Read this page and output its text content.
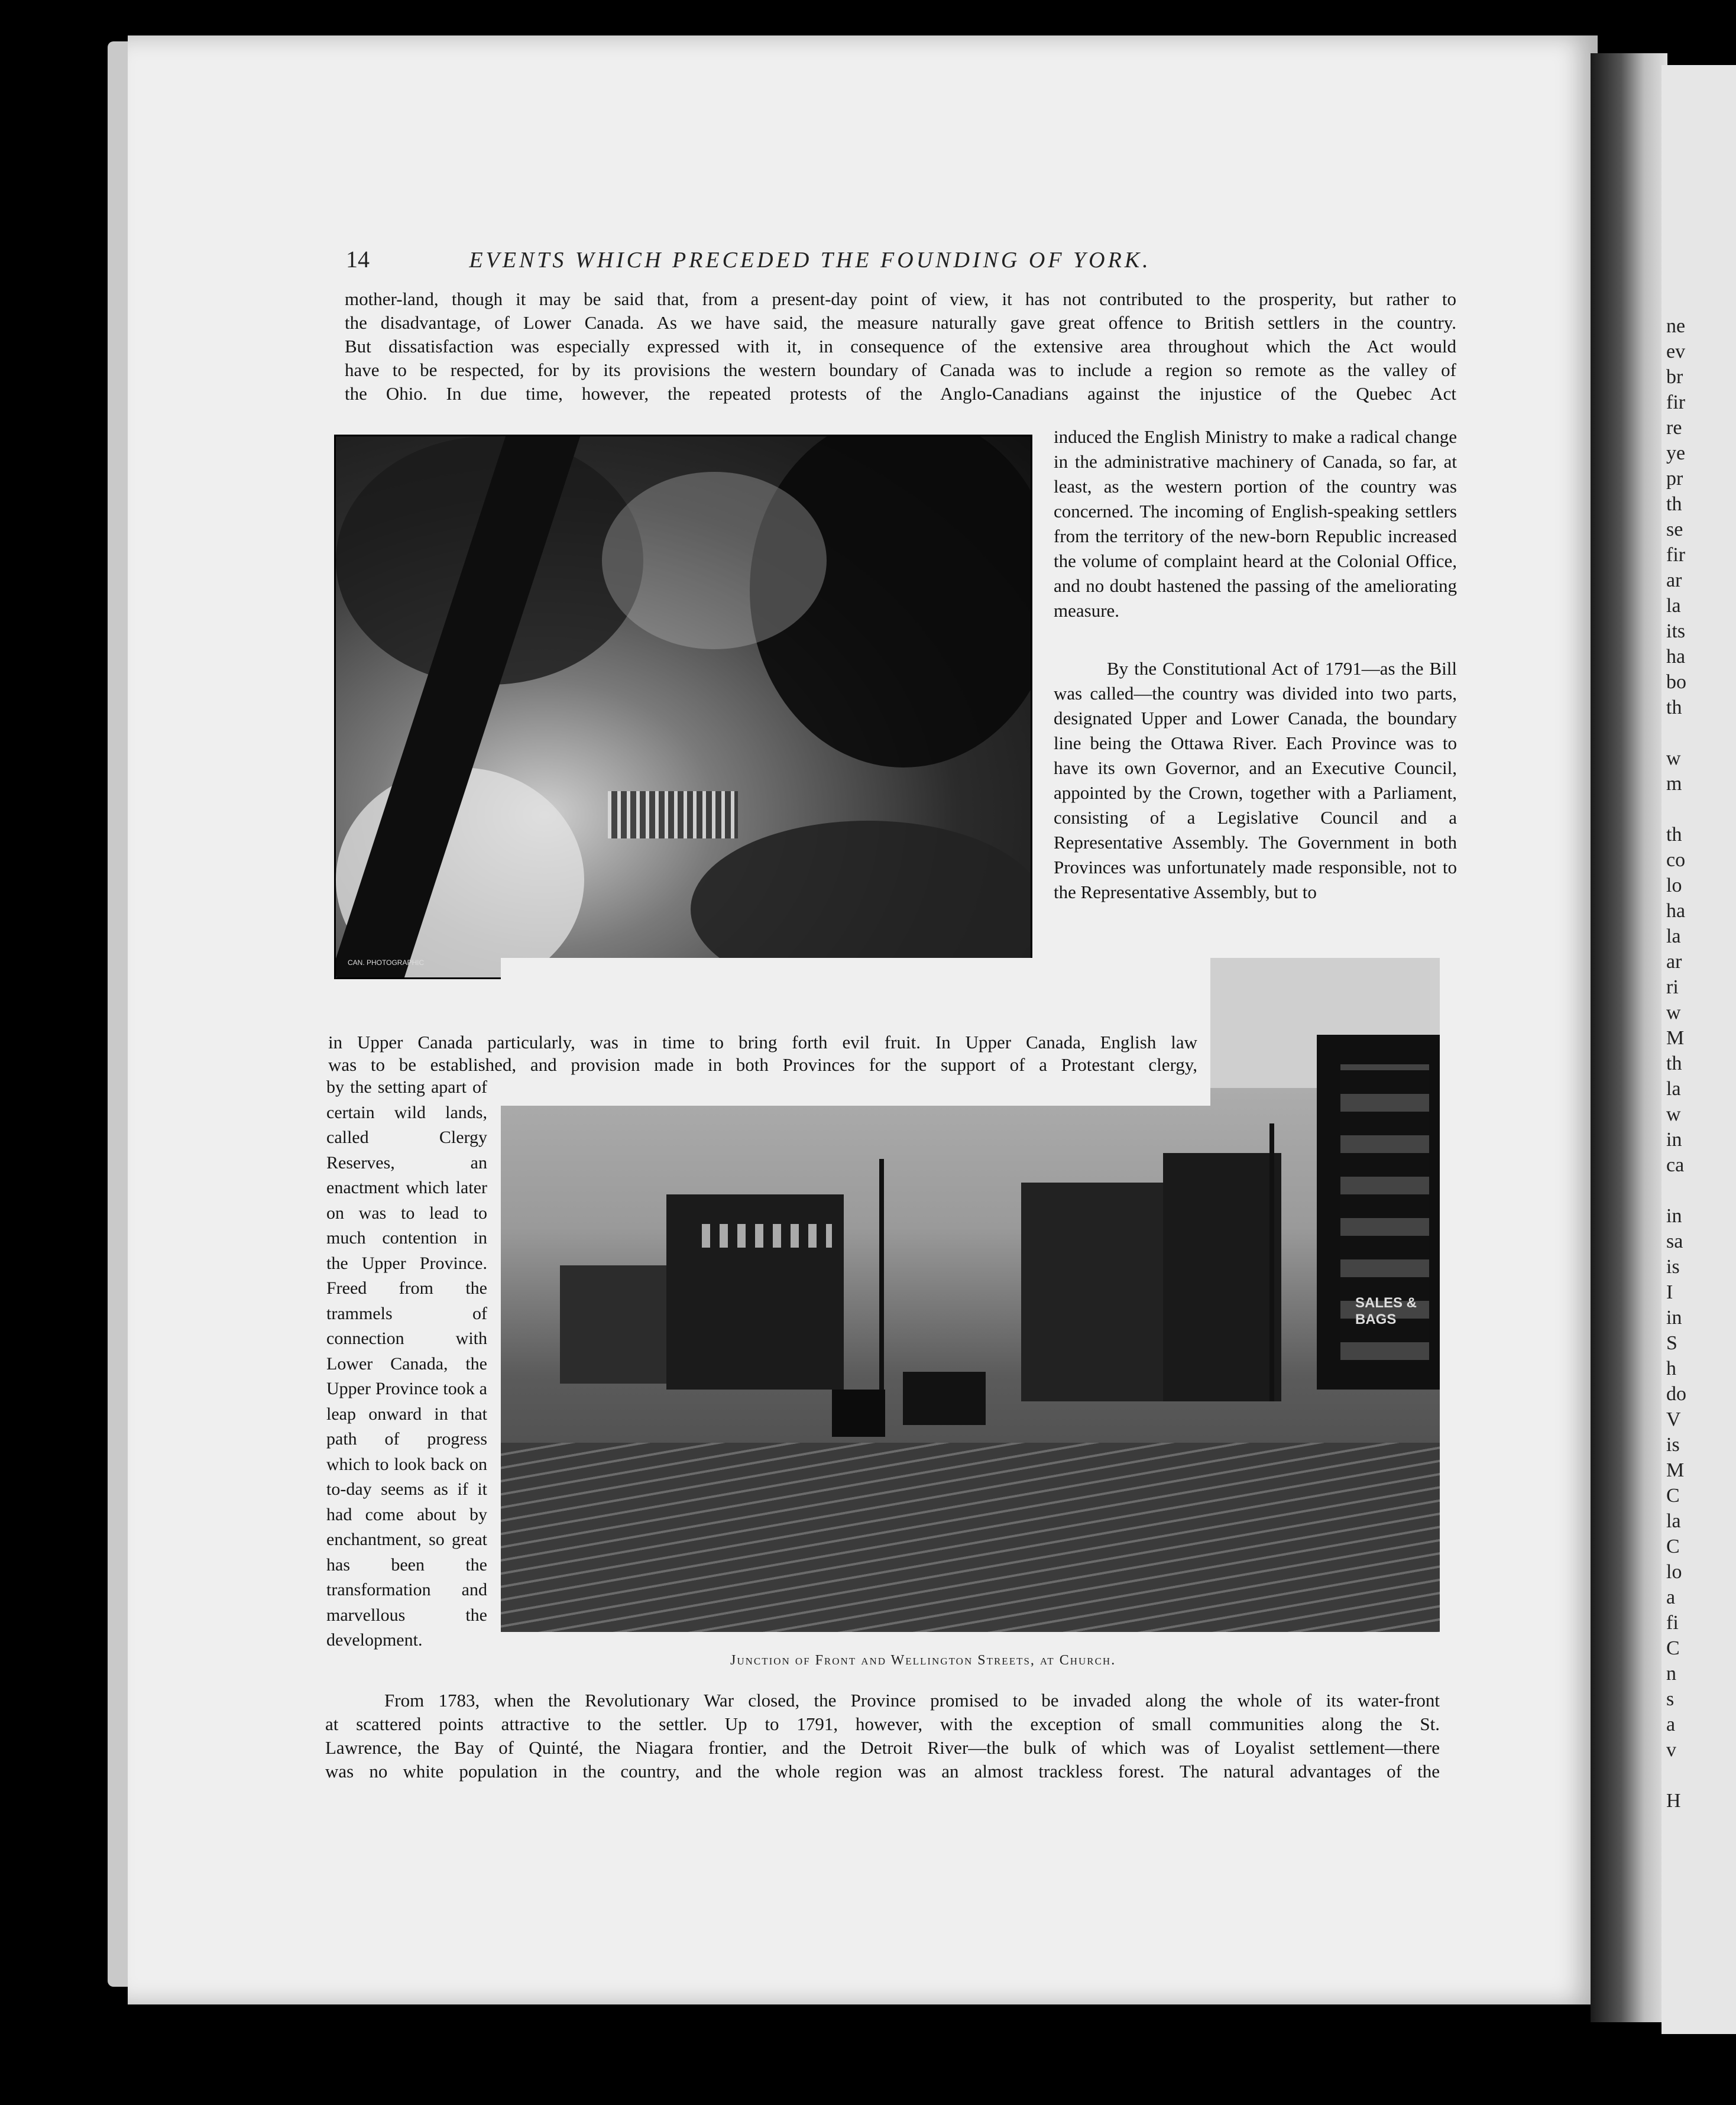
ne
ev
br
fir
re
ye
pr
th
se
fir
ar
la
its
ha
bo
th
w
m
th
co
lo
ha
la
ar
ri
w
M
th
la
w
in
ca
in
sa
is
I
in
S
h
do
V
is
M
C
la
C
lo
a
fi
C
n
s
a
v
H
14	EVENTS WHICH PRECEDED THE FOUNDING OF YORK.
mother-land, though it may be said that, from a present-day point of view, it has not contributed to the prosperity, but rather to
the disadvantage, of Lower Canada. As we have said, the measure naturally gave great offence to British settlers in the country.
But dissatisfaction was especially expressed with it, in consequence of the extensive area throughout which the Act would
have to be respected, for by its provisions the western boundary of Canada was to include a region so remote as the valley of
the Ohio. In due time, however, the repeated protests of the Anglo-Canadians against the injustice of the Quebec Act
CAN. PHOTOGRAPHIC
induced the English Ministry to make a radical change in the administrative machinery of Canada, so far, at least, as the western portion of the country was concerned. The incoming of English-speaking settlers from the territory of the new-born Republic increased the volume of complaint heard at the Colonial Office, and no doubt hastened the passing of the ameliorating measure.
By the Constitutional Act of 1791—as the Bill was called—the country was divided into two parts, designated Upper and Lower Canada, the boundary line being the Ottawa River. Each Province was to have its own Governor, and an Executive Council, appointed by the Crown, together with a Parliament, consisting of a Legislative Council and a Representative Assembly. The Government in both Provinces was unfortunately made responsible, not to the Representative Assembly, but to
SALES & BAGS
in Upper Canada particularly, was in time to bring forth evil fruit. In Upper Canada, English law
was to be established, and provision made in both Provinces for the support of a Protestant clergy,
by the setting apart of certain wild lands, called Clergy Reserves, an enactment which later on was to lead to much contention in the Upper Province. Freed from the trammels of connection with Lower Canada, the Upper Province took a leap onward in that path of progress which to look back on to-day seems as if it had come about by enchantment, so great has been the transformation and marvellous the development.
Junction of Front and Wellington Streets, at Church.
From 1783, when the Revolutionary War closed, the Province promised to be invaded along the whole of its water-front
at scattered points attractive to the settler. Up to 1791, however, with the exception of small communities along the St.
Lawrence, the Bay of Quinté, the Niagara frontier, and the Detroit River—the bulk of which was of Loyalist settlement—there
was no white population in the country, and the whole region was an almost trackless forest. The natural advantages of the
